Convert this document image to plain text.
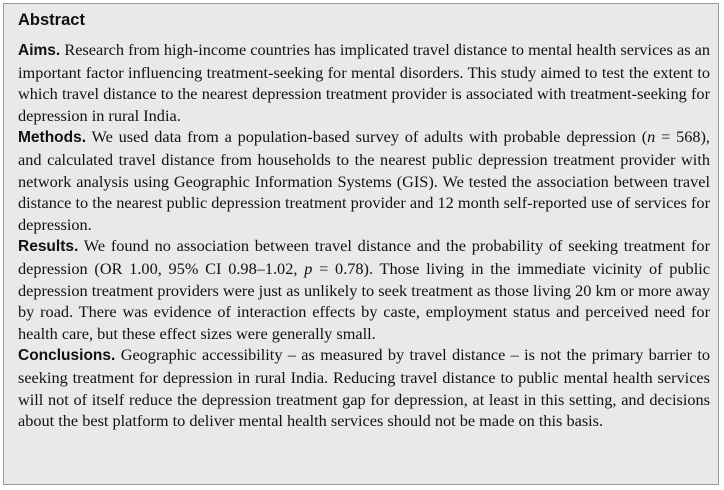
Abstract

Aims. Research from high-income countries has implicated travel distance to mental health services as an important factor influencing treatment-seeking for mental disorders. This study aimed to test the extent to which travel distance to the nearest depression treatment provider is associated with treatment-seeking for depression in rural India.

Methods. We used data from a population-based survey of adults with probable depression (n = 568), and calculated travel distance from households to the nearest public depression treatment provider with network analysis using Geographic Information Systems (GIS). We tested the association between travel distance to the nearest public depression treatment provider and 12 month self-reported use of services for depression.

Results. We found no association between travel distance and the probability of seeking treatment for depression (OR 1.00, 95% CI 0.98–1.02, p = 0.78). Those living in the immediate vicinity of public depression treatment providers were just as unlikely to seek treatment as those living 20 km or more away by road. There was evidence of interaction effects by caste, employment status and perceived need for health care, but these effect sizes were generally small.

Conclusions. Geographic accessibility – as measured by travel distance – is not the primary barrier to seeking treatment for depression in rural India. Reducing travel distance to public mental health services will not of itself reduce the depression treatment gap for depression, at least in this setting, and decisions about the best platform to deliver mental health services should not be made on this basis.
